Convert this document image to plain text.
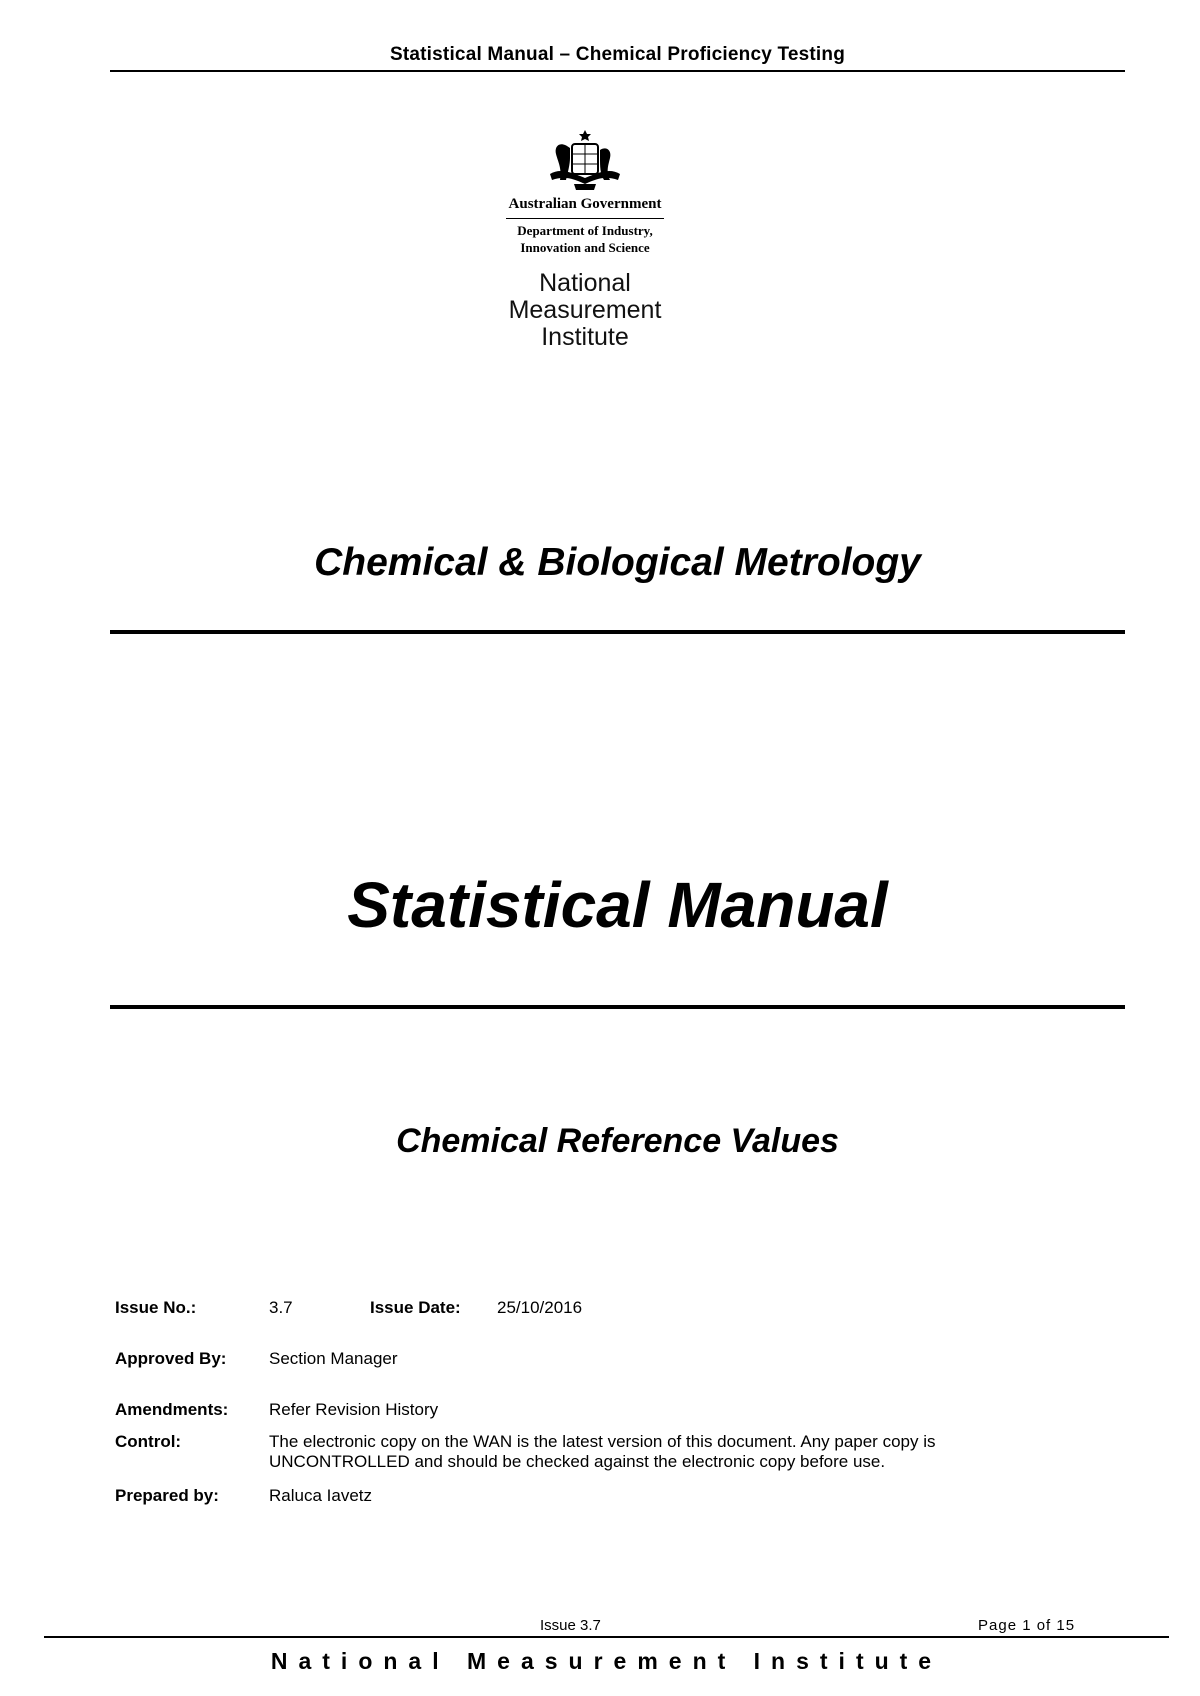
Statistical Manual – Chemical Proficiency Testing
Australian Government
Department of Industry,
Innovation and Science
National
Measurement
Institute
Chemical & Biological Metrology
Statistical Manual
Chemical Reference Values
Issue No.:	3.7	Issue Date: 25/10/2016
Approved By:	Section Manager
Amendments: Refer Revision History
Control:	The electronic copy on the WAN is the latest version of this document. Any paper copy is
UNCONTROLLED and should be checked against the electronic copy before use.
Prepared by:	Raluca Iavetz
Issue 3.7	Page 1 of 15
National Measurement Institute
